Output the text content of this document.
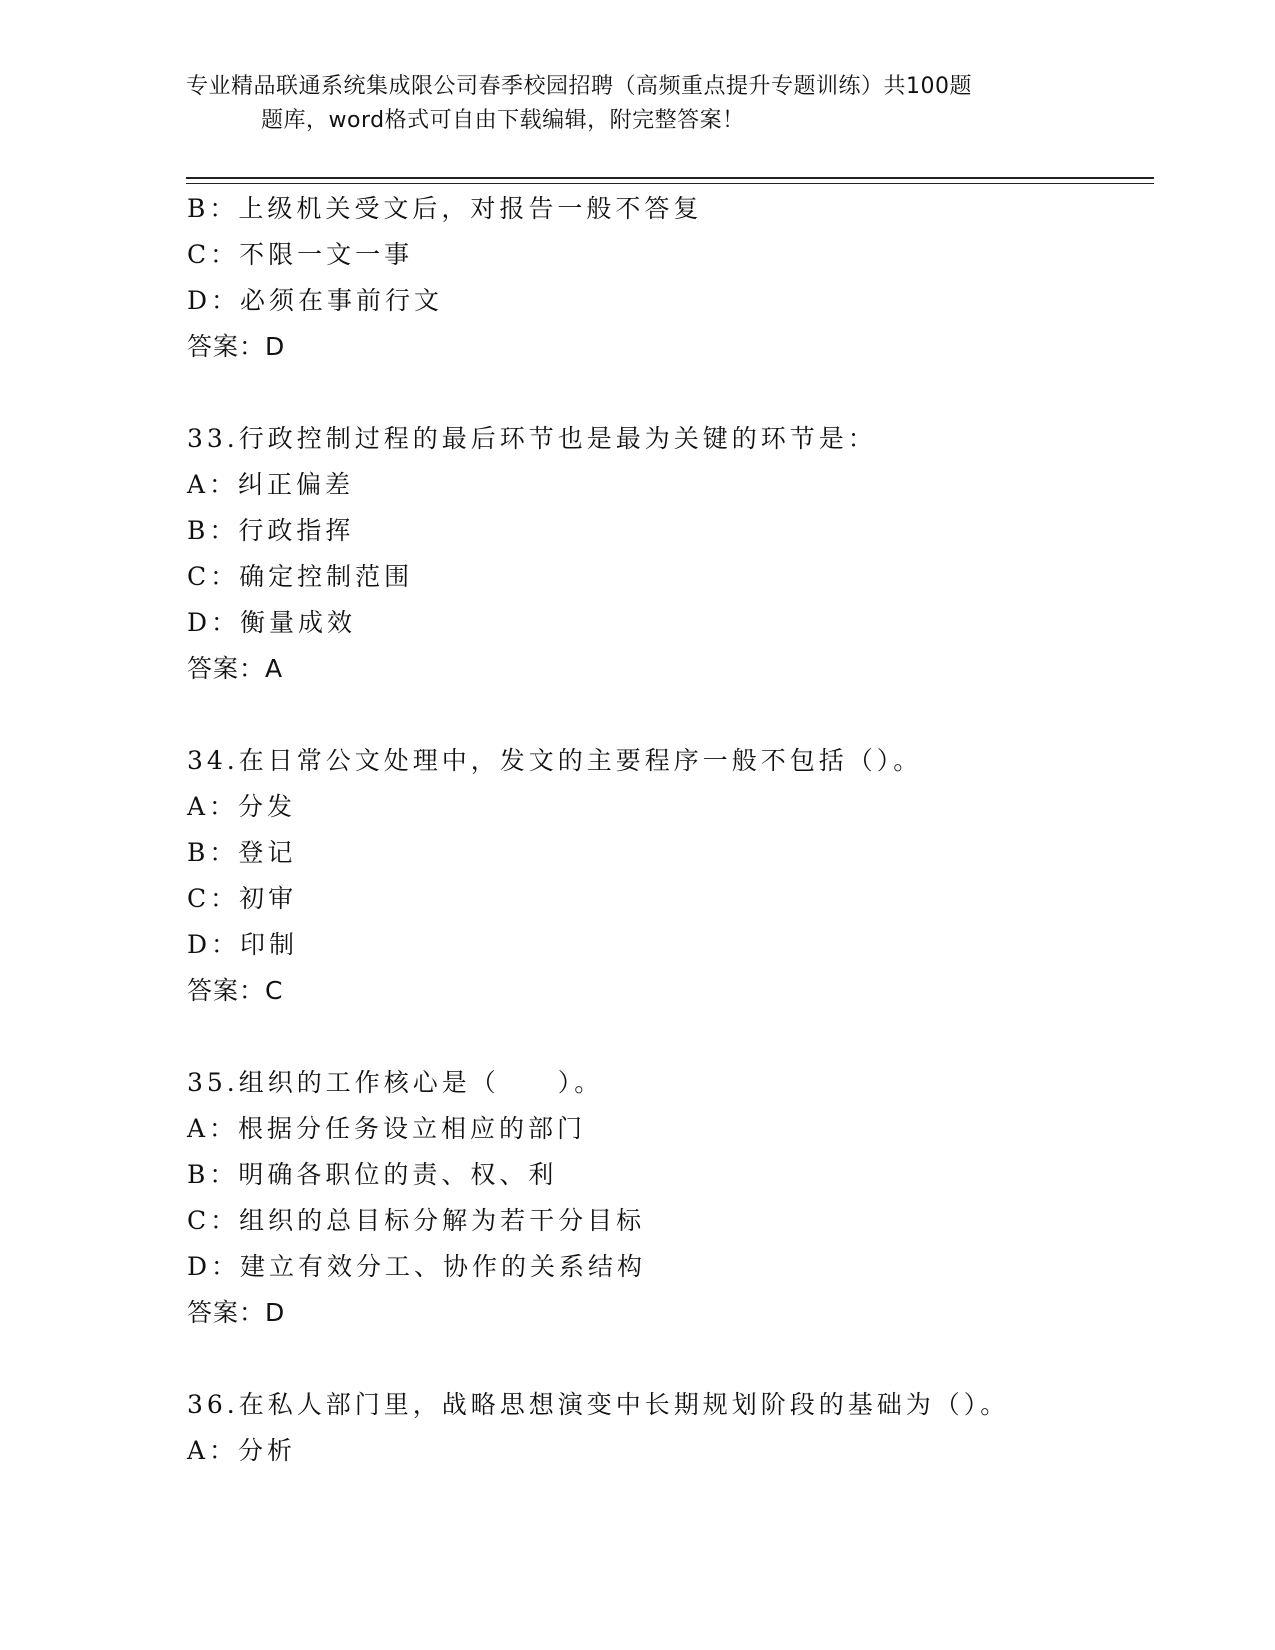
专业精品联通系统集成限公司春季校园招聘（高频重点提升专题训练）共100题
题库，word格式可自由下载编辑，附完整答案！
B：上级机关受文后，对报告一般不答复
C：不限一文一事
D：必须在事前行文
答案：D
33.行政控制过程的最后环节也是最为关键的环节是：
A：纠正偏差
B：行政指挥
C：确定控制范围
D：衡量成效
答案：A
34.在日常公文处理中，发文的主要程序一般不包括（）。
A：分发
B：登记
C：初审
D：印制
答案：C
35.组织的工作核心是（　　）。
A：根据分任务设立相应的部门
B：明确各职位的责、权、利
C：组织的总目标分解为若干分目标
D：建立有效分工、协作的关系结构
答案：D
36.在私人部门里，战略思想演变中长期规划阶段的基础为（）。
A：分析
